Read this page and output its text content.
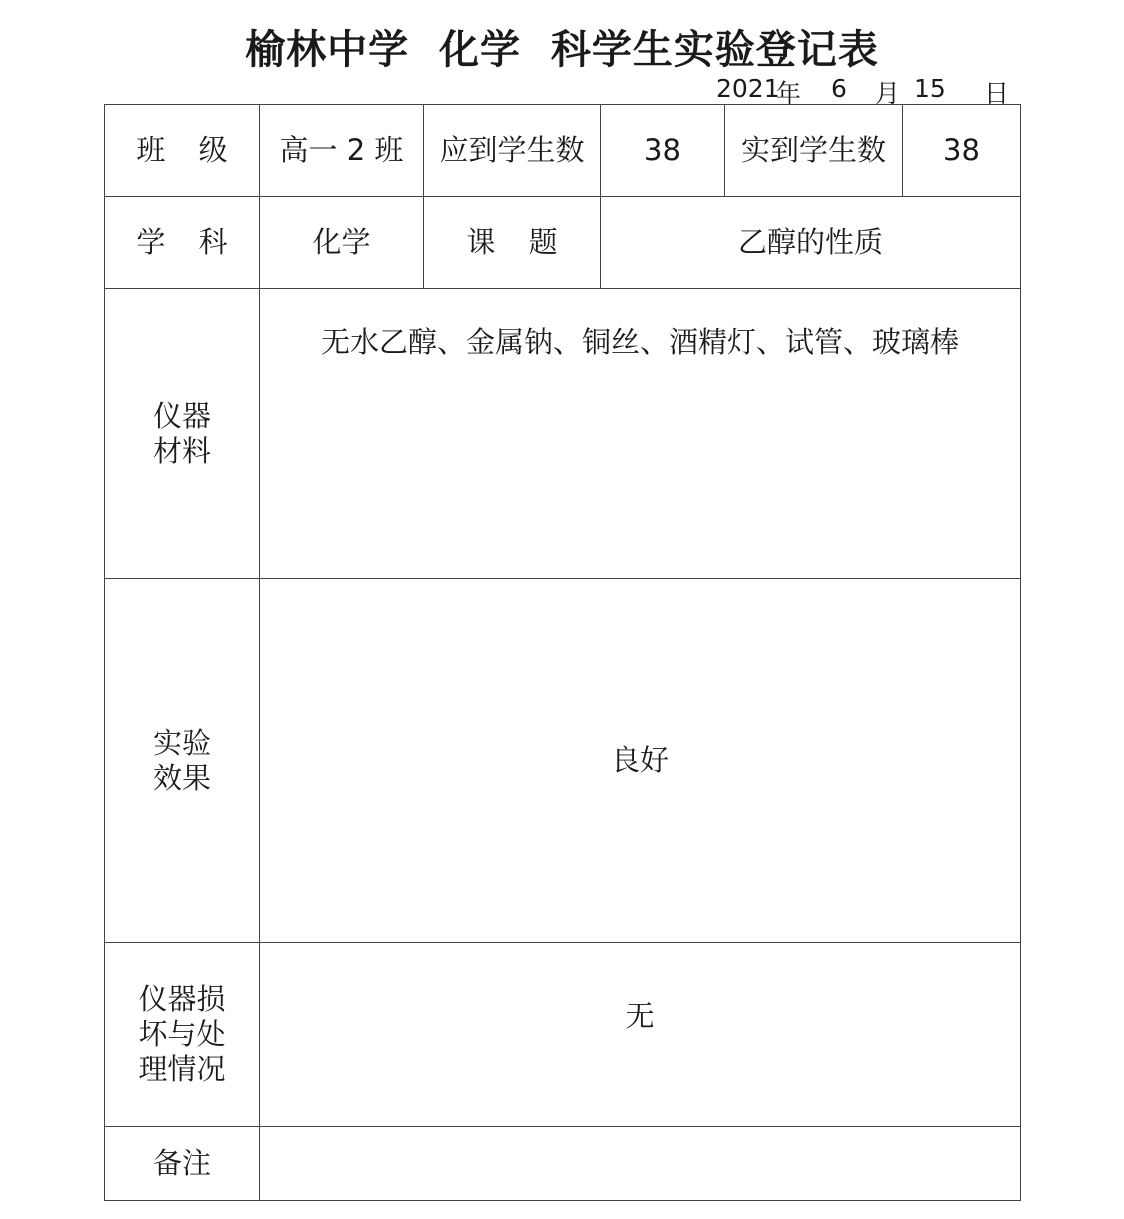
榆林中学  化学  科学生实验登记表
2021
年 6 月 15 日
班 级	高一 2 班	应到学生数	38	实到学生数	38
学 科	化学	课 题	乙醇的性质		

仪器
材料	无水乙醇、金属钠、铜丝、酒精灯、试管、玻璃棒				

实验
效果	良好				

仪器损
坏与处
理情况	无				
备注					
